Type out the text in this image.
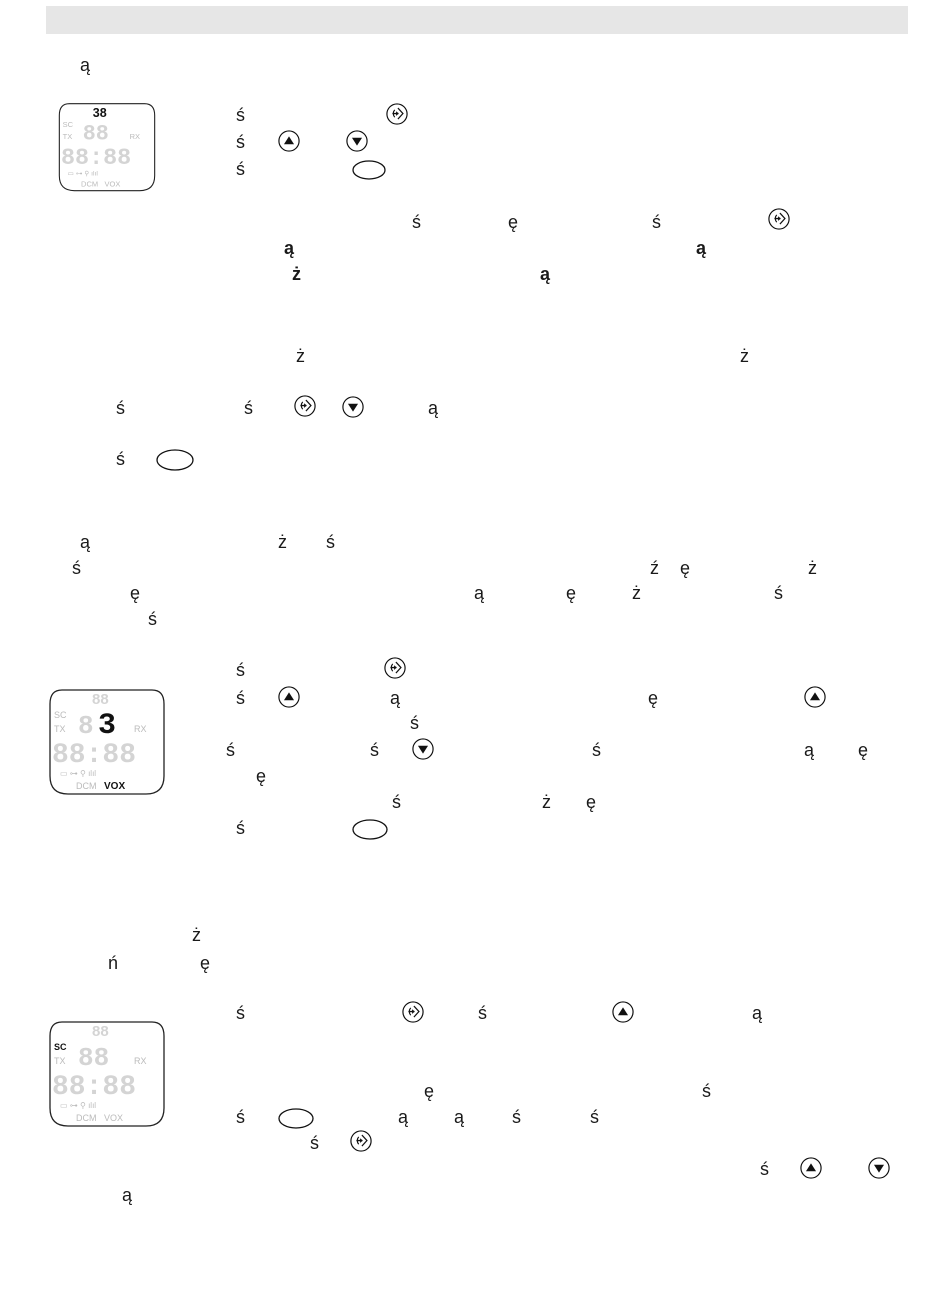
ą
38
SC
TX	RX
88
88:88
▭ ⊶ ⚲ ılıl
DCM VOX
ś
ś
ś
ś	ę	ś
ą	ą
ż	ą
ż	ż
ś	ś	ą
ś
ą	ż ś
ś	ź ę	ż
ę	ą	ę	ż	ś
ś
88
SC
TX	RX
8 3
88:88
▭ ⊶ ⚲ ılıl
DCM VOX
ś
ś	ą	ę
ś
ś	ś	ś	ą ę
ę
ś	ż ę
ś
ż
ń	ę
88
SC
TX	RX
88
88:88
▭ ⊶ ⚲ ılıl
DCM VOX
ś	ś	ą
ę	ś
ś	ą	ą	ś	ś
ś
ś
ą
